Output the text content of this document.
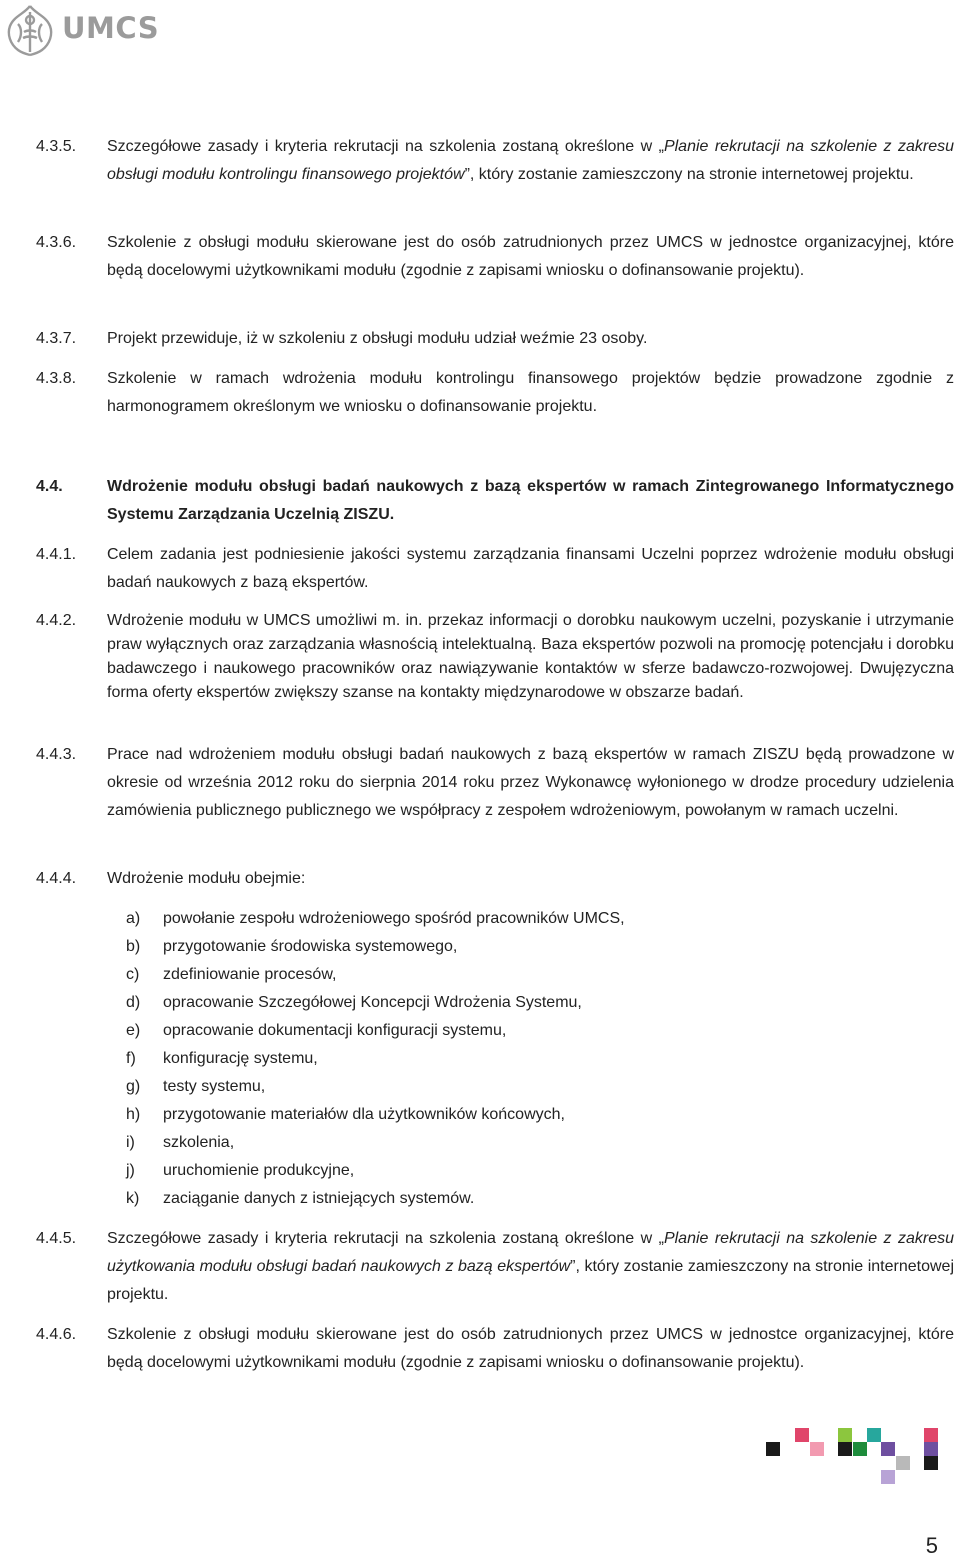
UMCS
4.3.5.	Szczegółowe zasady i kryteria rekrutacji na szkolenia zostaną określone w „Planie rekrutacji na szkolenie z zakresu obsługi modułu kontrolingu finansowego projektów”, który zostanie zamieszczony na stronie internetowej projektu.
4.3.6.	Szkolenie z obsługi modułu skierowane jest do osób zatrudnionych przez UMCS w jednostce organizacyjnej, które będą docelowymi użytkownikami modułu (zgodnie z zapisami wniosku o dofinansowanie projektu).
4.3.7.	Projekt przewiduje, iż w szkoleniu z obsługi modułu udział weźmie 23 osoby.
4.3.8.	Szkolenie w ramach wdrożenia modułu kontrolingu finansowego projektów będzie prowadzone zgodnie z harmonogramem określonym we wniosku o dofinansowanie projektu.
4.4.	Wdrożenie modułu obsługi badań naukowych z bazą ekspertów w ramach Zintegrowanego Informatycznego Systemu Zarządzania Uczelnią ZISZU.
4.4.1.	Celem zadania jest podniesienie jakości systemu zarządzania finansami Uczelni poprzez wdrożenie modułu obsługi badań naukowych z bazą ekspertów.
4.4.2.	Wdrożenie modułu w UMCS umożliwi m. in. przekaz informacji o dorobku naukowym uczelni, pozyskanie i utrzymanie praw wyłącznych oraz zarządzania własnością intelektualną. Baza ekspertów pozwoli na promocję potencjału i dorobku badawczego i naukowego pracowników oraz nawiązywanie kontaktów w sferze badawczo-rozwojowej. Dwujęzyczna forma oferty ekspertów zwiększy szanse na kontakty międzynarodowe w obszarze badań.
4.4.3.	Prace nad wdrożeniem modułu obsługi badań naukowych z bazą ekspertów w ramach ZISZU będą prowadzone w okresie od września 2012 roku do sierpnia 2014 roku przez Wykonawcę wyłonionego w drodze procedury udzielenia zamówienia publicznego publicznego we współpracy z zespołem wdrożeniowym, powołanym w ramach uczelni.
4.4.4.	Wdrożenie modułu obejmie:
a)	powołanie zespołu wdrożeniowego spośród pracowników UMCS,
b)	przygotowanie środowiska systemowego,
c)	zdefiniowanie procesów,
d)	opracowanie Szczegółowej Koncepcji Wdrożenia Systemu,
e)	opracowanie dokumentacji konfiguracji systemu,
f)	konfigurację systemu,
g)	testy systemu,
h)	przygotowanie materiałów dla użytkowników końcowych,
i)	szkolenia,
j)	uruchomienie produkcyjne,
k)	zaciąganie danych z istniejących systemów.
4.4.5.	Szczegółowe zasady i kryteria rekrutacji na szkolenia zostaną określone w „Planie rekrutacji na szkolenie z zakresu użytkowania modułu obsługi badań naukowych z bazą ekspertów”, który zostanie zamieszczony na stronie internetowej projektu.
4.4.6.	Szkolenie z obsługi modułu skierowane jest do osób zatrudnionych przez UMCS w jednostce organizacyjnej, które będą docelowymi użytkownikami modułu (zgodnie z zapisami wniosku o dofinansowanie projektu).
5
